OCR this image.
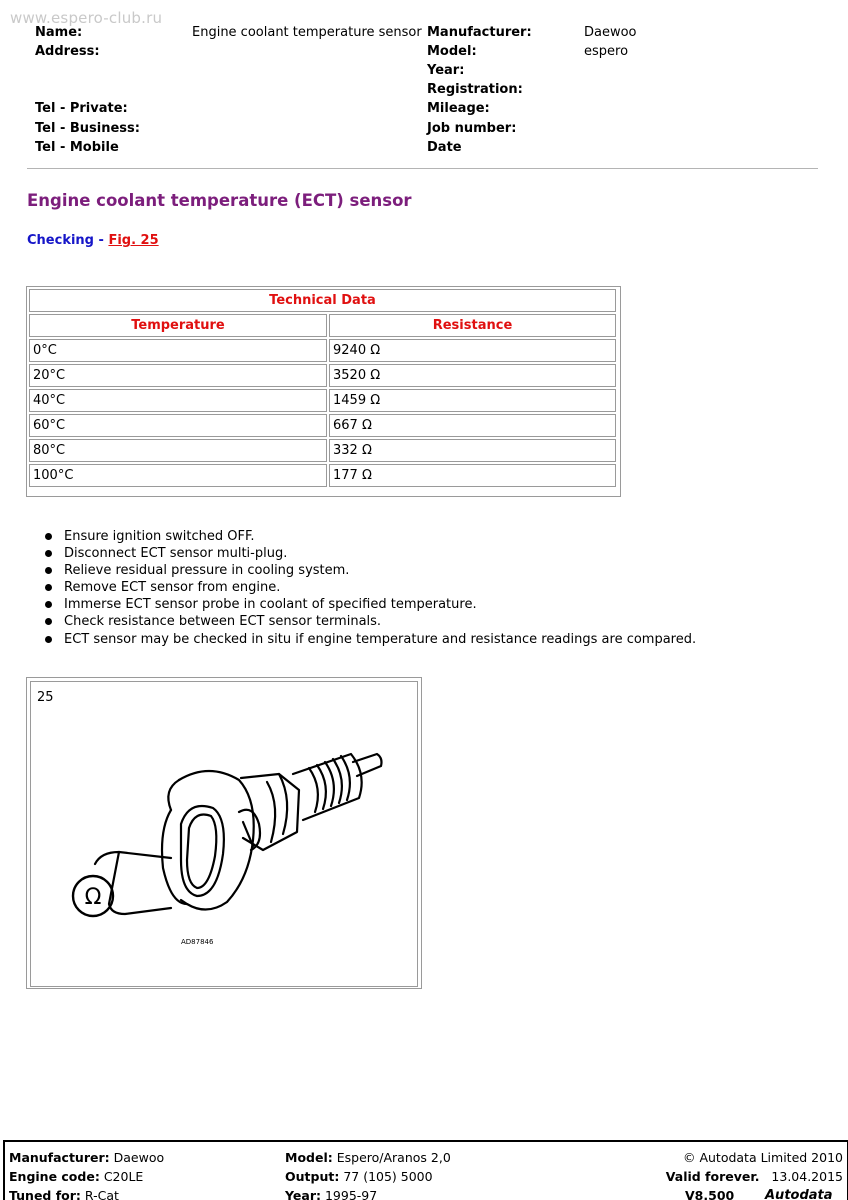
www.espero-club.ru
Name:	Engine coolant temperature sensor
Address:
Tel - Private:
Tel - Business:
Tel - Mobile
Manufacturer:	Daewoo
Model:	espero
Year:
Registration:
Mileage:
Job number:
Date
Engine coolant temperature (ECT) sensor
Checking - Fig. 25
Technical Data	
Temperature	Resistance
0°C	9240 Ω
20°C	3520 Ω
40°C	1459 Ω
60°C	667 Ω
80°C	332 Ω
100°C	177 Ω
Ensure ignition switched OFF.
Disconnect ECT sensor multi-plug.
Relieve residual pressure in cooling system.
Remove ECT sensor from engine.
Immerse ECT sensor probe in coolant of specified temperature.
Check resistance between ECT sensor terminals.
ECT sensor may be checked in situ if engine temperature and resistance readings are compared.
25
Ω
AD87846
Manufacturer: Daewoo
Engine code: C20LE
Tuned for: R-Cat
Model: Espero/Aranos 2,0
Output: 77 (105) 5000
Year: 1995-97
© Autodata Limited 2010
Valid forever. 13.04.2015
V8.500 Autodata
